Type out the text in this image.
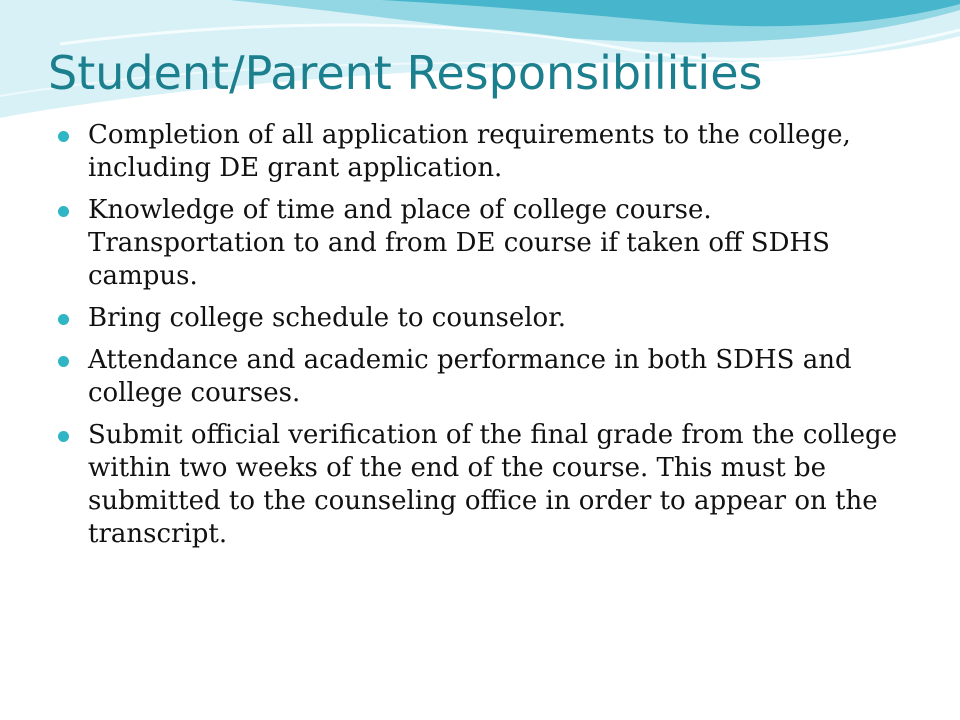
Student/Parent Responsibilities
Completion of all application requirements to the college, including DE grant application.
Knowledge of time and place of college course. Transportation to and from DE course if taken off SDHS campus.
Bring college schedule to counselor.
Attendance and academic performance in both SDHS and college courses.
Submit official verification of the final grade from the college within two weeks of the end of the course. This must be submitted to the counseling office in order to appear on the transcript.
